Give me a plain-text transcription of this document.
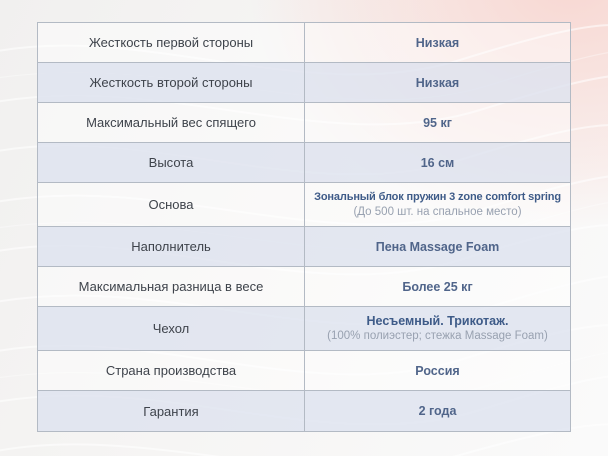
Жесткость первой стороны	Низкая
Жесткость второй стороны	Низкая
Максимальный вес спящего	95 кг
Высота	16 см
Основа	Зональный блок пружин 3 zone comfort spring
(До 500 шт. на спальное место)
Наполнитель	Пена Massage Foam
Максимальная разница в весе	Более 25 кг
Чехол	Несъемный. Трикотаж.
(100% полиэстер; стежка Massage Foam)
Страна производства	Россия
Гарантия	2 года
